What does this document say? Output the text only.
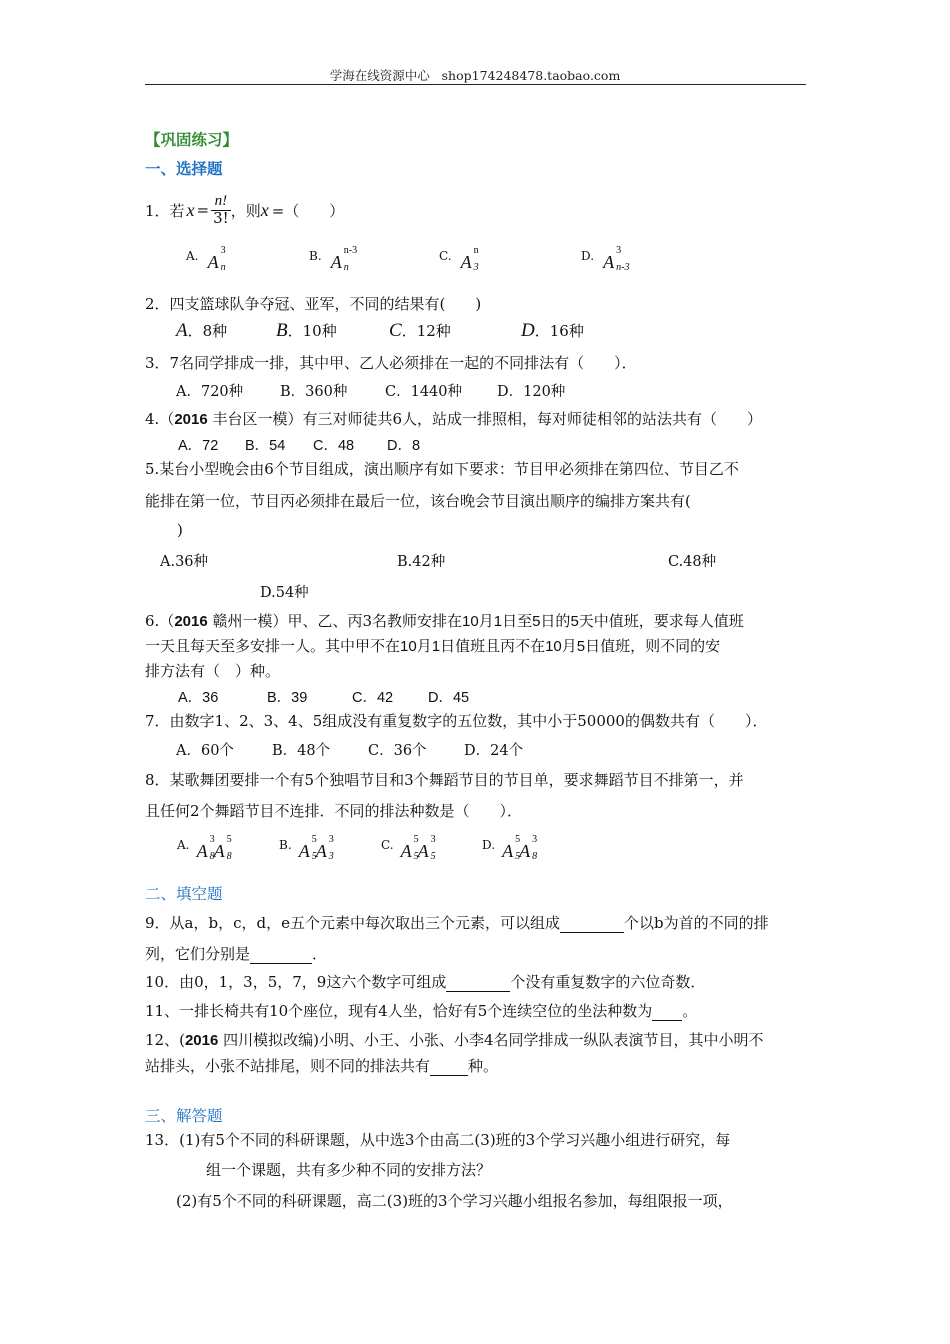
学海在线资源中心 shop174248478.taobao.com
【巩固练习】
一、选择题
1．若 $x = \frac{n!}{3!}$ ，则 x =（　　）
A. A
3
n
B. A
n-3
n
C. A
n
3
D. A
3
n-3
2．四支篮球队争夺冠、亚军，不同的结果有(　　)
A．8种	B．10种	C．12种	D．16种
3．7名同学排成一排，其中甲、乙人必须排在一起的不同排法有（　　）．
A．720种	B．360种	C．1440种 D．120种
4.（2016 丰台区一模）有三对师徒共6人，站成一排照相，每对师徒相邻的站法共有（　　）
A．72 B．54 C．48 D．8
5.某台小型晚会由6个节目组成，演出顺序有如下要求：节目甲必须排在第四位、节目乙不
能排在第一位，节目丙必须排在最后一位，该台晚会节目演出顺序的编排方案共有(
)
A.36种	B.42种	C.48种
D.54种
6.（2016 赣州一模）甲、乙、丙3名教师安排在10月1日至5日的5天中值班，要求每人值班
一天且每天至多安排一人。其中甲不在10月1日值班且丙不在10月5日值班，则不同的安
排方法有（　）种。
A．36	B．39	C．42 D．45
7．由数字1、2、3、4、5组成没有重复数字的五位数，其中小于50000的偶数共有（　　）．
A．60个	B．48个	C．36个	D．24个
8．某歌舞团要排一个有5个独唱节目和3个舞蹈节目的节目单，要求舞蹈节目不排第一，并
且任何2个舞蹈节目不连排．不同的排法种数是（　　）．
A. A
3
8 A
5
8
B. A
5
5 A
3
3
C. A
5
5 A
3
5
D. A
5
5 A
3
8
二、填空题
9．从a，b，c，d，e五个元素中每次取出三个元素，可以组成	个以b为首的不同的排
列，它们分别是	．
10．由0，1，3，5，7，9这六个数字可组成	个没有重复数字的六位奇数．
11、一排长椅共有10个座位，现有4人坐，恰好有5个连续空位的坐法种数为 。
12、(2016 四川模拟改编)小明、小王、小张、小李4名同学排成一纵队表演节目，其中小明不
站排头，小张不站排尾，则不同的排法共有	种。
三、解答题
13．(1)有5个不同的科研课题，从中选3个由高二(3)班的3个学习兴趣小组进行研究，每
组一个课题，共有多少种不同的安排方法？
(2)有5个不同的科研课题，高二(3)班的3个学习兴趣小组报名参加，每组限报一项，
